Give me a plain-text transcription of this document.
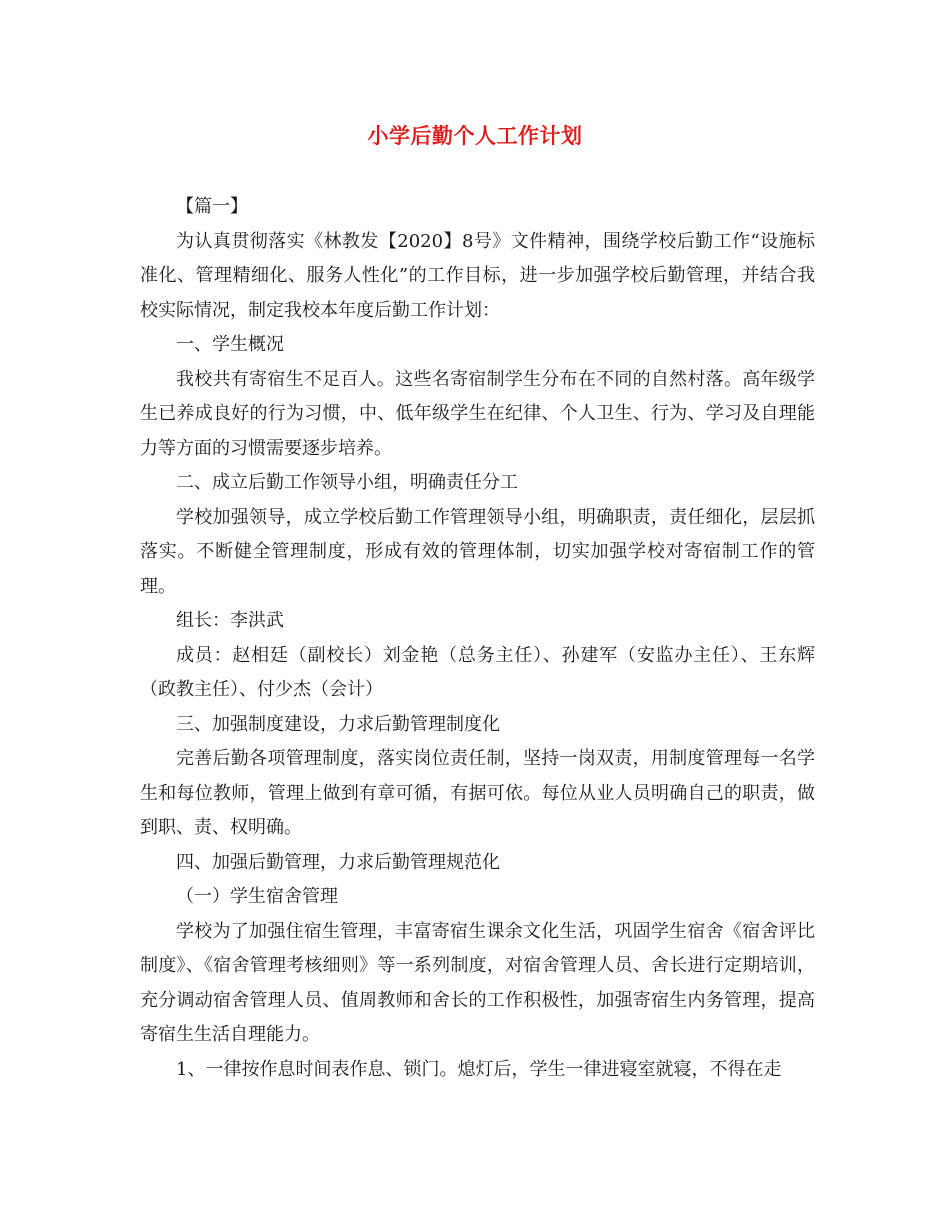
小学后勤个人工作计划

【篇一】

为认真贯彻落实《林教发【2020】8号》文件精神，围绕学校后勤工作“设施标准化、管理精细化、服务人性化”的工作目标，进一步加强学校后勤管理，并结合我校实际情况，制定我校本年度后勤工作计划：

一、学生概况

我校共有寄宿生不足百人。这些名寄宿制学生分布在不同的自然村落。高年级学生已养成良好的行为习惯，中、低年级学生在纪律、个人卫生、行为、学习及自理能力等方面的习惯需要逐步培养。

二、成立后勤工作领导小组，明确责任分工

学校加强领导，成立学校后勤工作管理领导小组，明确职责，责任细化，层层抓落实。不断健全管理制度，形成有效的管理体制，切实加强学校对寄宿制工作的管理。

组长：李洪武

成员：赵相廷（副校长）刘金艳（总务主任）、孙建军（安监办主任）、王东辉（政教主任）、付少杰（会计）

三、加强制度建设，力求后勤管理制度化

完善后勤各项管理制度，落实岗位责任制，坚持一岗双责，用制度管理每一名学生和每位教师，管理上做到有章可循，有据可依。每位从业人员明确自己的职责，做到职、责、权明确。

四、加强后勤管理，力求后勤管理规范化

（一）学生宿舍管理

学校为了加强住宿生管理，丰富寄宿生课余文化生活，巩固学生宿舍《宿舍评比制度》、《宿舍管理考核细则》等一系列制度，对宿舍管理人员、舍长进行定期培训，充分调动宿舍管理人员、值周教师和舍长的工作积极性，加强寄宿生内务管理，提高寄宿生生活自理能力。

1、一律按作息时间表作息、锁门。熄灯后，学生一律进寝室就寝，不得在走
